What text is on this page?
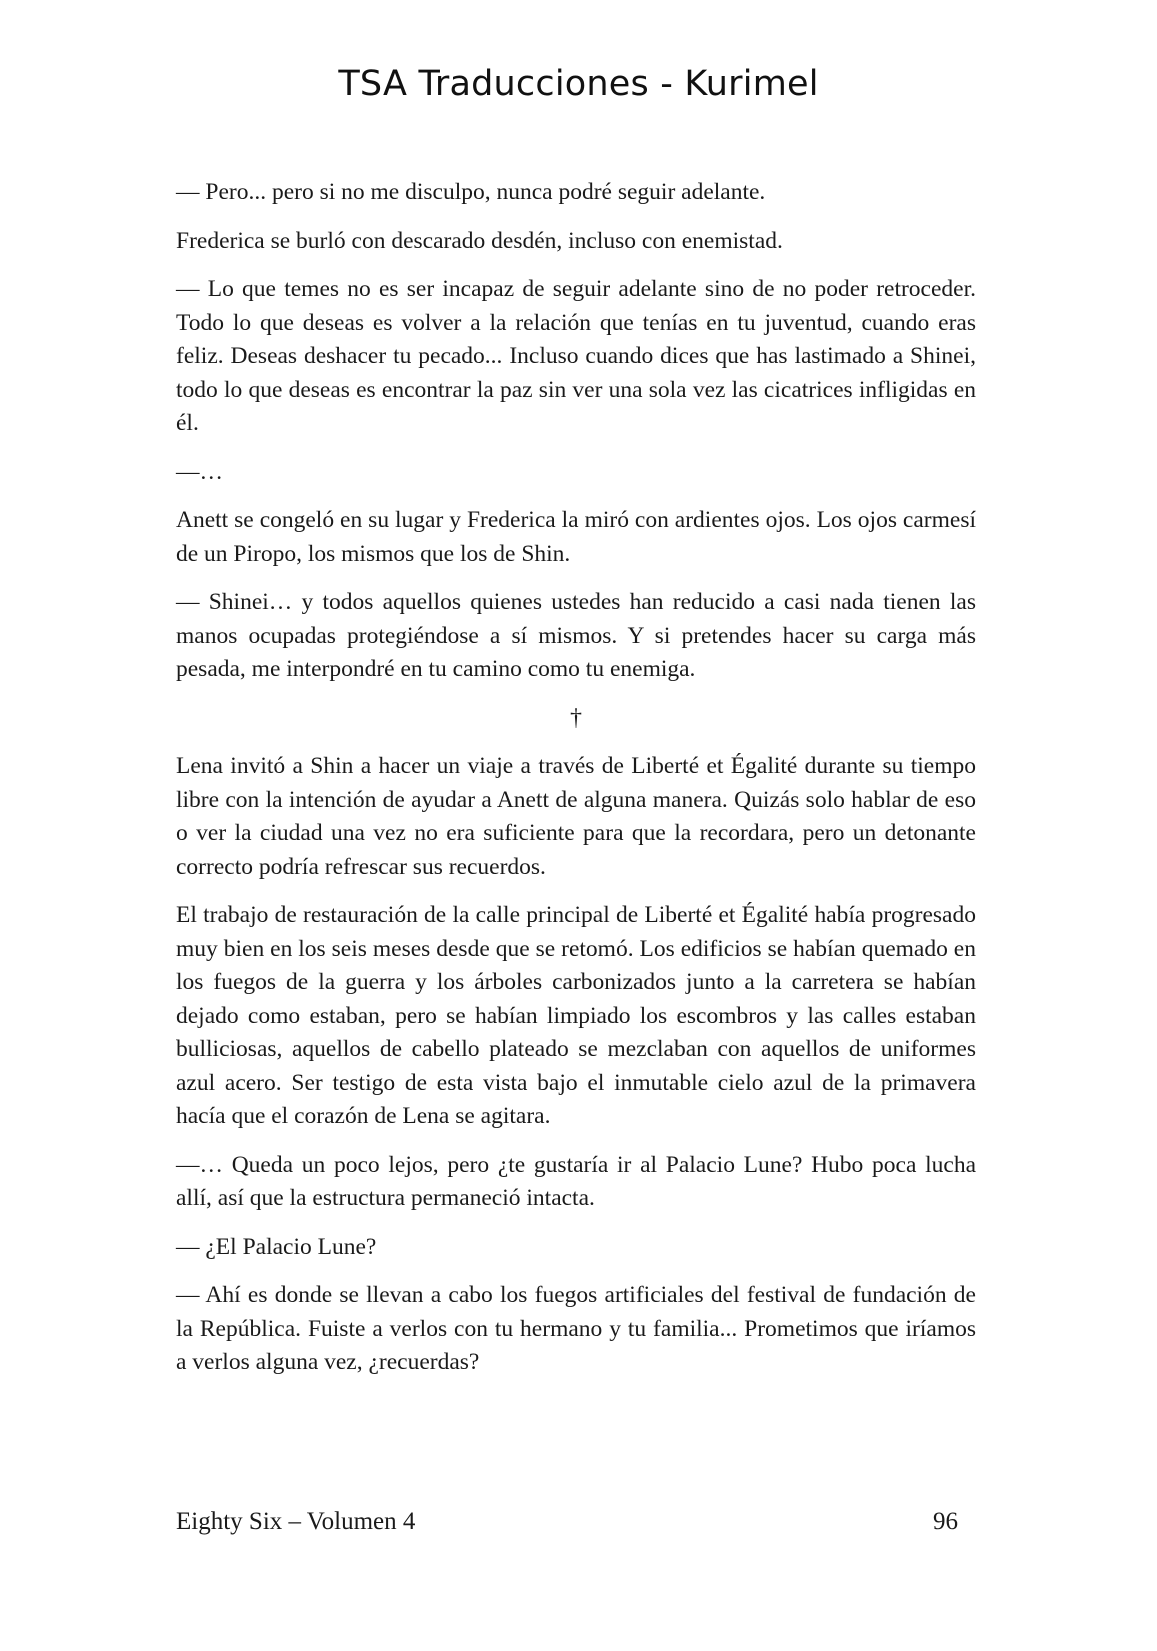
TSA Traducciones - Kurimel

— Pero... pero si no me disculpo, nunca podré seguir adelante.

Frederica se burló con descarado desdén, incluso con enemistad.

— Lo que temes no es ser incapaz de seguir adelante sino de no poder retroceder. Todo lo que deseas es volver a la relación que tenías en tu juventud, cuando eras feliz. Deseas deshacer tu pecado... Incluso cuando dices que has lastimado a Shinei, todo lo que deseas es encontrar la paz sin ver una sola vez las cicatrices infligidas en él.

—…

Anett se congeló en su lugar y Frederica la miró con ardientes ojos. Los ojos carmesí de un Piropo, los mismos que los de Shin.

— Shinei… y todos aquellos quienes ustedes han reducido a casi nada tienen las manos ocupadas protegiéndose a sí mismos. Y si pretendes hacer su carga más pesada, me interpondré en tu camino como tu enemiga.

†

Lena invitó a Shin a hacer un viaje a través de Liberté et Égalité durante su tiempo libre con la intención de ayudar a Anett de alguna manera. Quizás solo hablar de eso o ver la ciudad una vez no era suficiente para que la recordara, pero un detonante correcto podría refrescar sus recuerdos.

El trabajo de restauración de la calle principal de Liberté et Égalité había progresado muy bien en los seis meses desde que se retomó. Los edificios se habían quemado en los fuegos de la guerra y los árboles carbonizados junto a la carretera se habían dejado como estaban, pero se habían limpiado los escombros y las calles estaban bulliciosas, aquellos de cabello plateado se mezclaban con aquellos de uniformes azul acero. Ser testigo de esta vista bajo el inmutable cielo azul de la primavera hacía que el corazón de Lena se agitara.

—… Queda un poco lejos, pero ¿te gustaría ir al Palacio Lune? Hubo poca lucha allí, así que la estructura permaneció intacta.

— ¿El Palacio Lune?

— Ahí es donde se llevan a cabo los fuegos artificiales del festival de fundación de la República. Fuiste a verlos con tu hermano y tu familia... Prometimos que iríamos a verlos alguna vez, ¿recuerdas?

Eighty Six – Volumen 4	96
